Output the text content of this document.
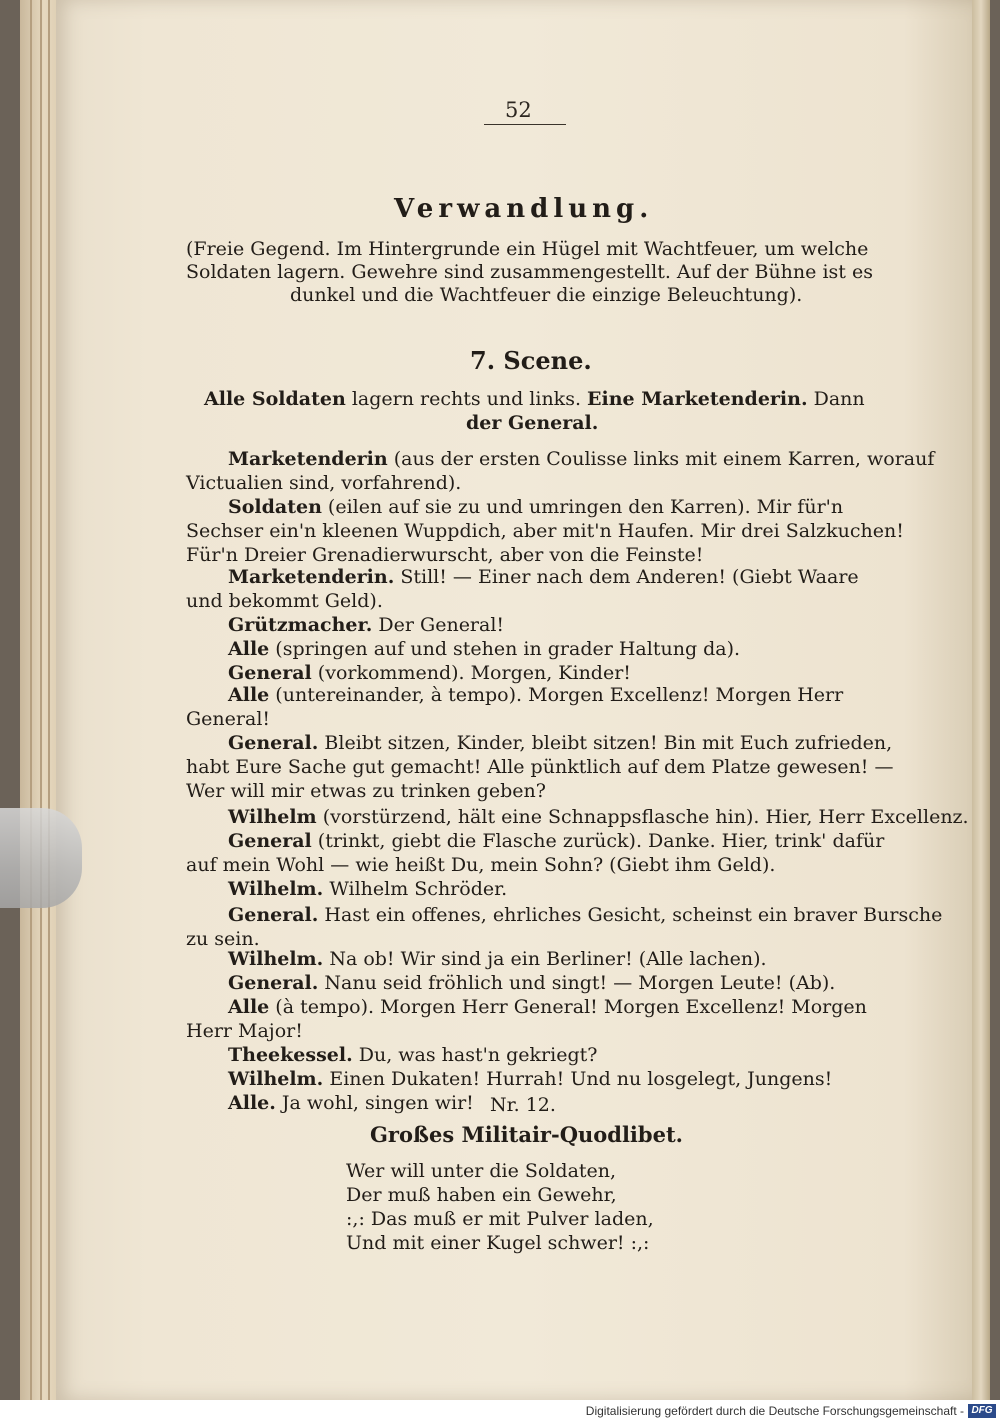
52
Verwandlung.
(Freie Gegend. Im Hintergrunde ein Hügel mit Wachtfeuer, um welche
Soldaten lagern. Gewehre sind zusammengestellt. Auf der Bühne ist es
dunkel und die Wachtfeuer die einzige Beleuchtung).
7. Scene.
Alle Soldaten lagern rechts und links. Eine Marketenderin. Dann
der General.
Marketenderin (aus der ersten Coulisse links mit einem Karren, worauf
Victualien sind, vorfahrend).
Soldaten (eilen auf sie zu und umringen den Karren). Mir für'n
Sechser ein'n kleenen Wuppdich, aber mit'n Haufen. Mir drei Salzkuchen!
Für'n Dreier Grenadierwurscht, aber von die Feinste!
Marketenderin. Still! — Einer nach dem Anderen! (Giebt Waare
und bekommt Geld).
Grützmacher. Der General!
Alle (springen auf und stehen in grader Haltung da).
General (vorkommend). Morgen, Kinder!
Alle (untereinander, à tempo). Morgen Excellenz! Morgen Herr
General!
General. Bleibt sitzen, Kinder, bleibt sitzen! Bin mit Euch zufrieden,
habt Eure Sache gut gemacht! Alle pünktlich auf dem Platze gewesen! —
Wer will mir etwas zu trinken geben?
Wilhelm (vorstürzend, hält eine Schnappsflasche hin). Hier, Herr Excellenz.
General (trinkt, giebt die Flasche zurück). Danke. Hier, trink' dafür
auf mein Wohl — wie heißt Du, mein Sohn? (Giebt ihm Geld).
Wilhelm. Wilhelm Schröder.
General. Hast ein offenes, ehrliches Gesicht, scheinst ein braver Bursche
zu sein.
Wilhelm. Na ob! Wir sind ja ein Berliner! (Alle lachen).
General. Nanu seid fröhlich und singt! — Morgen Leute! (Ab).
Alle (à tempo). Morgen Herr General! Morgen Excellenz! Morgen
Herr Major!
Theekessel. Du, was hast'n gekriegt?
Wilhelm. Einen Dukaten! Hurrah! Und nu losgelegt, Jungens!
Alle. Ja wohl, singen wir! Nr. 12.
Großes Militair-Quodlibet.
Wer will unter die Soldaten,
Der muß haben ein Gewehr,
:,: Das muß er mit Pulver laden,
Und mit einer Kugel schwer! :,:
Digitalisierung gefördert durch die Deutsche Forschungsgemeinschaft - DFG
